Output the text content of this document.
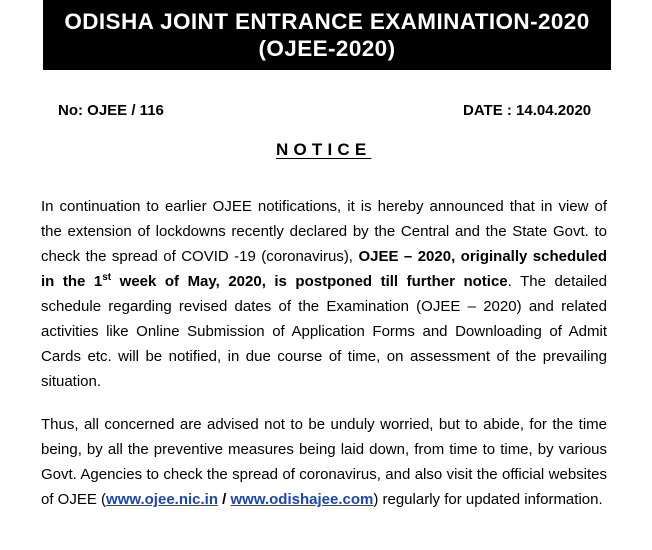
ODISHA JOINT ENTRANCE EXAMINATION-2020
(OJEE-2020)
No: OJEE / 116	DATE : 14.04.2020
NOTICE

In continuation to earlier OJEE notifications, it is hereby announced that in view of the extension of lockdowns recently declared by the Central and the State Govt. to check the spread of COVID -19 (coronavirus), OJEE – 2020, originally scheduled in the 1st week of May, 2020, is postponed till further notice. The detailed schedule regarding revised dates of the Examination (OJEE – 2020) and related activities like Online Submission of Application Forms and Downloading of Admit Cards etc. will be notified, in due course of time, on assessment of the prevailing situation.

Thus, all concerned are advised not to be unduly worried, but to abide, for the time being, by all the preventive measures being laid down, from time to time, by various Govt. Agencies to check the spread of coronavirus, and also visit the official websites of OJEE (www.ojee.nic.in / www.odishajee.com) regularly for updated information.
